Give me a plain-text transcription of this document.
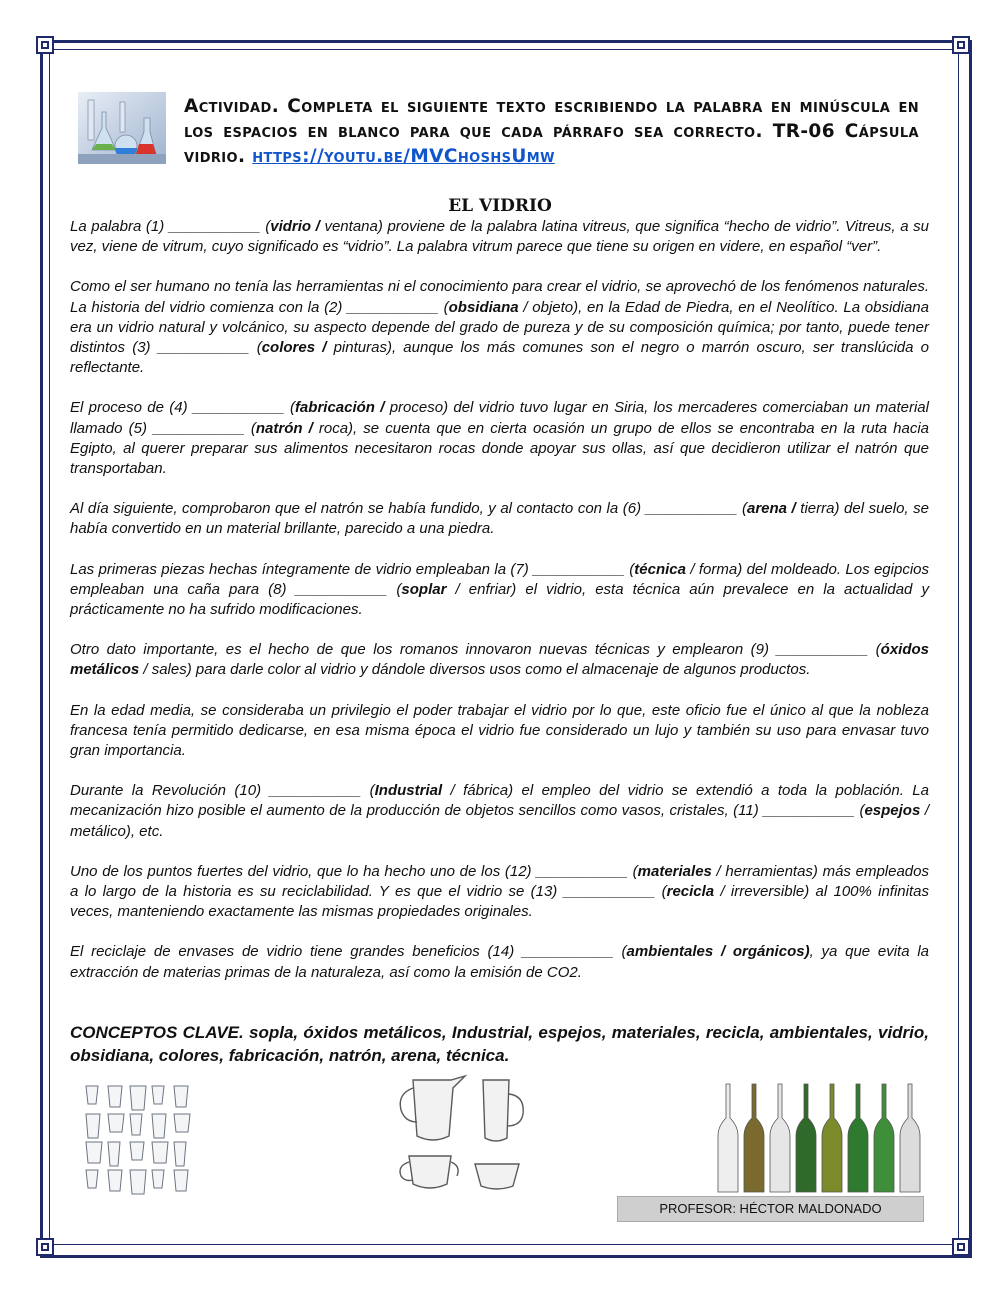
Actividad. Completa el siguiente texto escribiendo la palabra en minúscula en los espacios en blanco para que cada párrafo sea correcto. TR-06 Cápsula vidrio. https://youtu.be/MVChoshsUmw
EL VIDRIO

La palabra (1) ___________ (vidrio / ventana) proviene de la palabra latina vitreus, que significa “hecho de vidrio”. Vitreus, a su vez, viene de vitrum, cuyo significado es “vidrio”. La palabra vitrum parece que tiene su origen en videre, en español “ver”.

Como el ser humano no tenía las herramientas ni el conocimiento para crear el vidrio, se aprovechó de los fenómenos naturales. La historia del vidrio comienza con la (2) ___________ (obsidiana / objeto), en la Edad de Piedra, en el Neolítico. La obsidiana era un vidrio natural y volcánico, su aspecto depende del grado de pureza y de su composición química; por tanto, puede tener distintos (3) ___________ (colores / pinturas), aunque los más comunes son el negro o marrón oscuro, ser translúcida o reflectante.

El proceso de (4) ___________ (fabricación / proceso) del vidrio tuvo lugar en Siria, los mercaderes comerciaban un material llamado (5) ___________ (natrón / roca), se cuenta que en cierta ocasión un grupo de ellos se encontraba en la ruta hacia Egipto, al querer preparar sus alimentos necesitaron rocas donde apoyar sus ollas, así que decidieron utilizar el natrón que transportaban.

Al día siguiente, comprobaron que el natrón se había fundido, y al contacto con la (6) ___________ (arena / tierra) del suelo, se había convertido en un material brillante, parecido a una piedra.

Las primeras piezas hechas íntegramente de vidrio empleaban la (7) ___________ (técnica / forma) del moldeado. Los egipcios empleaban una caña para (8) ___________ (soplar / enfriar) el vidrio, esta técnica aún prevalece en la actualidad y prácticamente no ha sufrido modificaciones.

Otro dato importante, es el hecho de que los romanos innovaron nuevas técnicas y emplearon (9) ___________ (óxidos metálicos / sales) para darle color al vidrio y dándole diversos usos como el almacenaje de algunos productos.

En la edad media, se consideraba un privilegio el poder trabajar el vidrio por lo que, este oficio fue el único al que la nobleza francesa tenía permitido dedicarse, en esa misma época el vidrio fue considerado un lujo y también su uso para envasar tuvo gran importancia.

Durante la Revolución (10) ___________ (Industrial / fábrica) el empleo del vidrio se extendió a toda la población. La mecanización hizo posible el aumento de la producción de objetos sencillos como vasos, cristales, (11) ___________ (espejos / metálico), etc.

Uno de los puntos fuertes del vidrio, que lo ha hecho uno de los (12) ___________ (materiales / herramientas) más empleados a lo largo de la historia es su reciclabilidad. Y es que el vidrio se (13) ___________ (recicla / irreversible) al 100% infinitas veces, manteniendo exactamente las mismas propiedades originales.

El reciclaje de envases de vidrio tiene grandes beneficios (14) ___________ (ambientales / orgánicos), ya que evita la extracción de materias primas de la naturaleza, así como la emisión de CO2.

CONCEPTOS CLAVE. sopla, óxidos metálicos, Industrial, espejos, materiales, recicla, ambientales, vidrio, obsidiana, colores, fabricación, natrón, arena, técnica.
PROFESOR: HÉCTOR MALDONADO
